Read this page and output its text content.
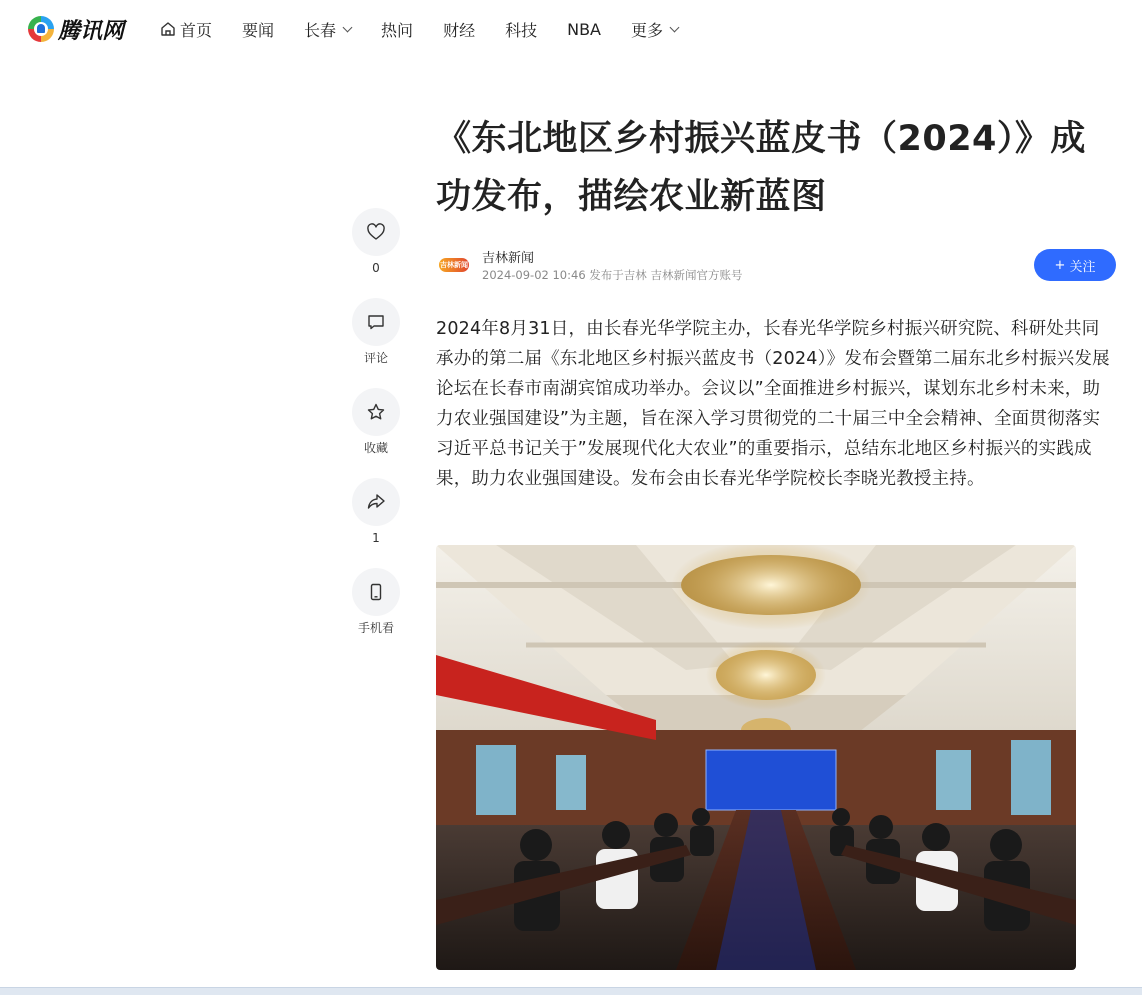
腾讯网	首页 要闻 长春	热问 财经 科技 NBA 更多
0
评论
收藏
1
手机看
《东北地区乡村振兴蓝皮书（2024）》成功发布，描绘农业新蓝图
吉林新闻 吉林新闻
2024-09-02 10:46 发布于吉林 吉林新闻官方账号
+ 关注

2024年8月31日，由长春光华学院主办，长春光华学院乡村振兴研究院、科研处共同承办的第二届《东北地区乡村振兴蓝皮书（2024）》发布会暨第二届东北乡村振兴发展论坛在长春市南湖宾馆成功举办。会议以”全面推进乡村振兴，谋划东北乡村未来，助力农业强国建设”为主题，旨在深入学习贯彻党的二十届三中全会精神、全面贯彻落实习近平总书记关于”发展现代化大农业”的重要指示，总结东北地区乡村振兴的实践成果，助力农业强国建设。发布会由长春光华学院校长李晓光教授主持。
